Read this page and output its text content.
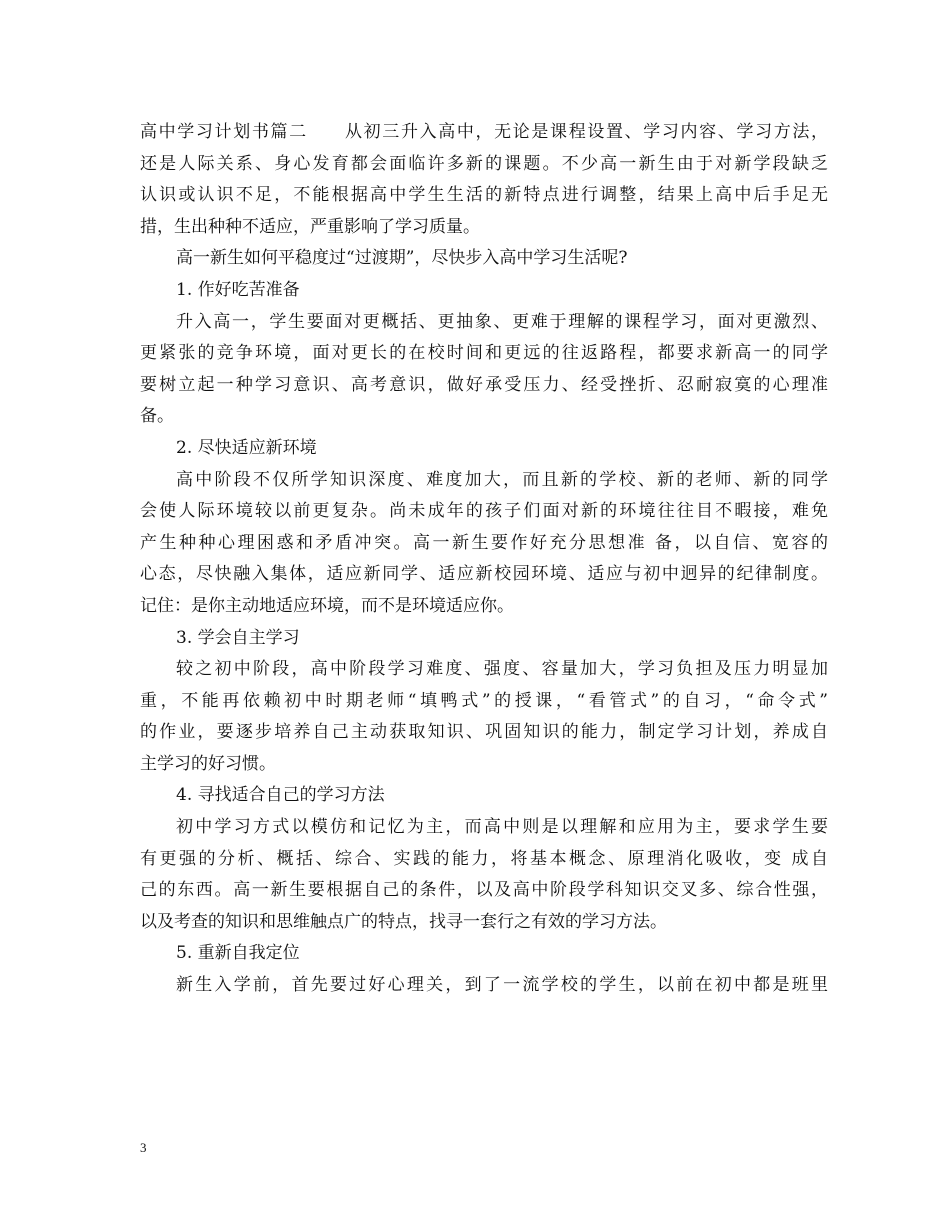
高中学习计划书篇二　　从初三升入高中，无论是课程设置、学习内容、学习方法，
还是人际关系、身心发育都会面临许多新的课题。不少高一新生由于对新学段缺乏
认识或认识不足，不能根据高中学生生活的新特点进行调整，结果上高中后手足无
措，生出种种不适应，严重影响了学习质量。
高一新生如何平稳度过“过渡期”，尽快步入高中学习生活呢?
1. 作好吃苦准备
升入高一，学生要面对更概括、更抽象、更难于理解的课程学习，面对更激烈、
更紧张的竞争环境，面对更长的在校时间和更远的往返路程，都要求新高一的同学
要树立起一种学习意识、高考意识，做好承受压力、经受挫折、忍耐寂寞的心理准
备。
2. 尽快适应新环境
高中阶段不仅所学知识深度、难度加大，而且新的学校、新的老师、新的同学
会使人际环境较以前更复杂。尚未成年的孩子们面对新的环境往往目不暇接，难免
产生种种心理困惑和矛盾冲突。高一新生要作好充分思想准 备，以自信、宽容的
心态，尽快融入集体，适应新同学、适应新校园环境、适应与初中迥异的纪律制度。
记住：是你主动地适应环境，而不是环境适应你。
3. 学会自主学习
较之初中阶段，高中阶段学习难度、强度、容量加大，学习负担及压力明显加
重，不能再依赖初中时期老师“填鸭式”的授课，“看管式”的自习，“命令式”
的作业，要逐步培养自己主动获取知识、巩固知识的能力，制定学习计划，养成自
主学习的好习惯。
4. 寻找适合自己的学习方法
初中学习方式以模仿和记忆为主，而高中则是以理解和应用为主，要求学生要
有更强的分析、概括、综合、实践的能力，将基本概念、原理消化吸收，变 成自
己的东西。高一新生要根据自己的条件，以及高中阶段学科知识交叉多、综合性强，
以及考查的知识和思维触点广的特点，找寻一套行之有效的学习方法。
5. 重新自我定位
新生入学前，首先要过好心理关，到了一流学校的学生，以前在初中都是班里
3
